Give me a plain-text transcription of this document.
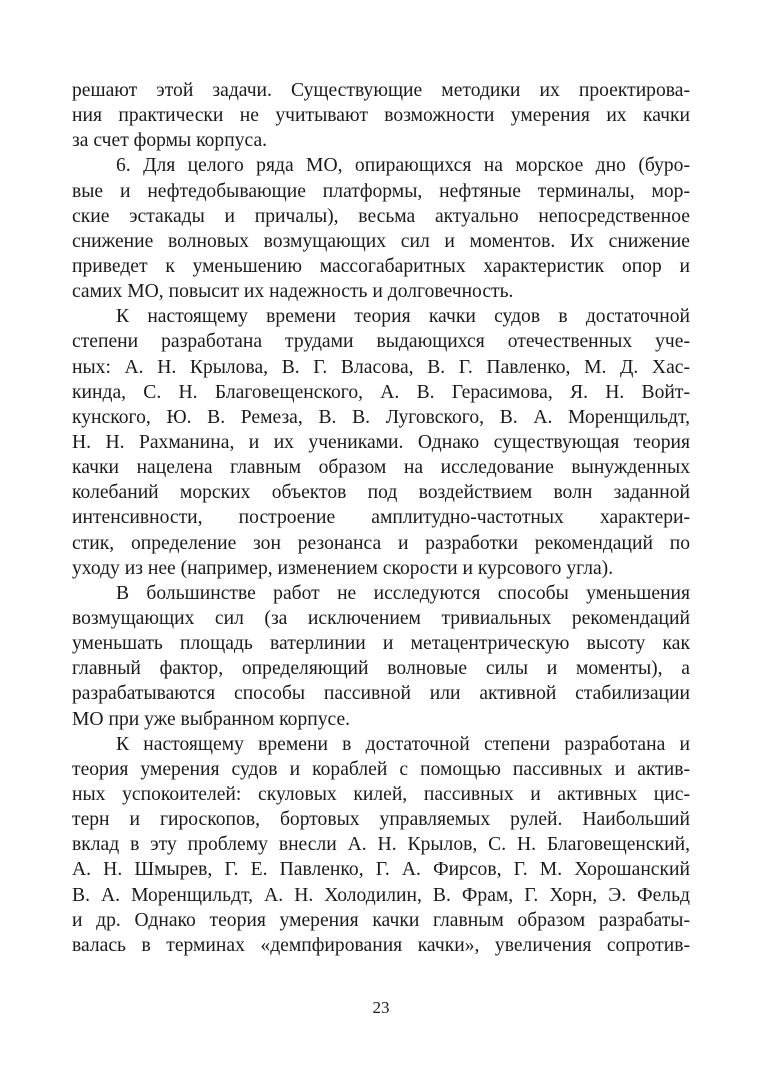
решают этой задачи. Существующие методики их проектирова-
ния практически не учитывают возможности умерения их качки
за счет формы корпуса.
6. Для целого ряда МО, опирающихся на морское дно (буро-
вые и нефтедобывающие платформы, нефтяные терминалы, мор-
ские эстакады и причалы), весьма актуально непосредственное
снижение волновых возмущающих сил и моментов. Их снижение
приведет к уменьшению массогабаритных характеристик опор и
самих МО, повысит их надежность и долговечность.
К настоящему времени теория качки судов в достаточной
степени разработана трудами выдающихся отечественных уче-
ных: А. Н. Крылова, В. Г. Власова, В. Г. Павленко, М. Д. Хас-
кинда, С. Н. Благовещенского, А. В. Герасимова, Я. Н. Войт-
кунского, Ю. В. Ремеза, В. В. Луговского, В. А. Моренщильдт,
Н. Н. Рахманина, и их учениками. Однако существующая теория
качки нацелена главным образом на исследование вынужденных
колебаний морских объектов под воздействием волн заданной
интенсивности, построение амплитудно-частотных характери-
стик, определение зон резонанса и разработки рекомендаций по
уходу из нее (например, изменением скорости и курсового угла).
В большинстве работ не исследуются способы уменьшения
возмущающих сил (за исключением тривиальных рекомендаций
уменьшать площадь ватерлинии и метацентрическую высоту как
главный фактор, определяющий волновые силы и моменты), а
разрабатываются способы пассивной или активной стабилизации
МО при уже выбранном корпусе.
К настоящему времени в достаточной степени разработана и
теория умерения судов и кораблей с помощью пассивных и актив-
ных успокоителей: скуловых килей, пассивных и активных цис-
терн и гироскопов, бортовых управляемых рулей. Наибольший
вклад в эту проблему внесли А. Н. Крылов, С. Н. Благовещенский,
А. Н. Шмырев, Г. Е. Павленко, Г. А. Фирсов, Г. М. Хорошанский
В. А. Моренщильдт, А. Н. Холодилин, В. Фрам, Г. Хорн, Э. Фельд
и др. Однако теория умерения качки главным образом разрабаты-
валась в терминах «демпфирования качки», увеличения сопротив-
23
